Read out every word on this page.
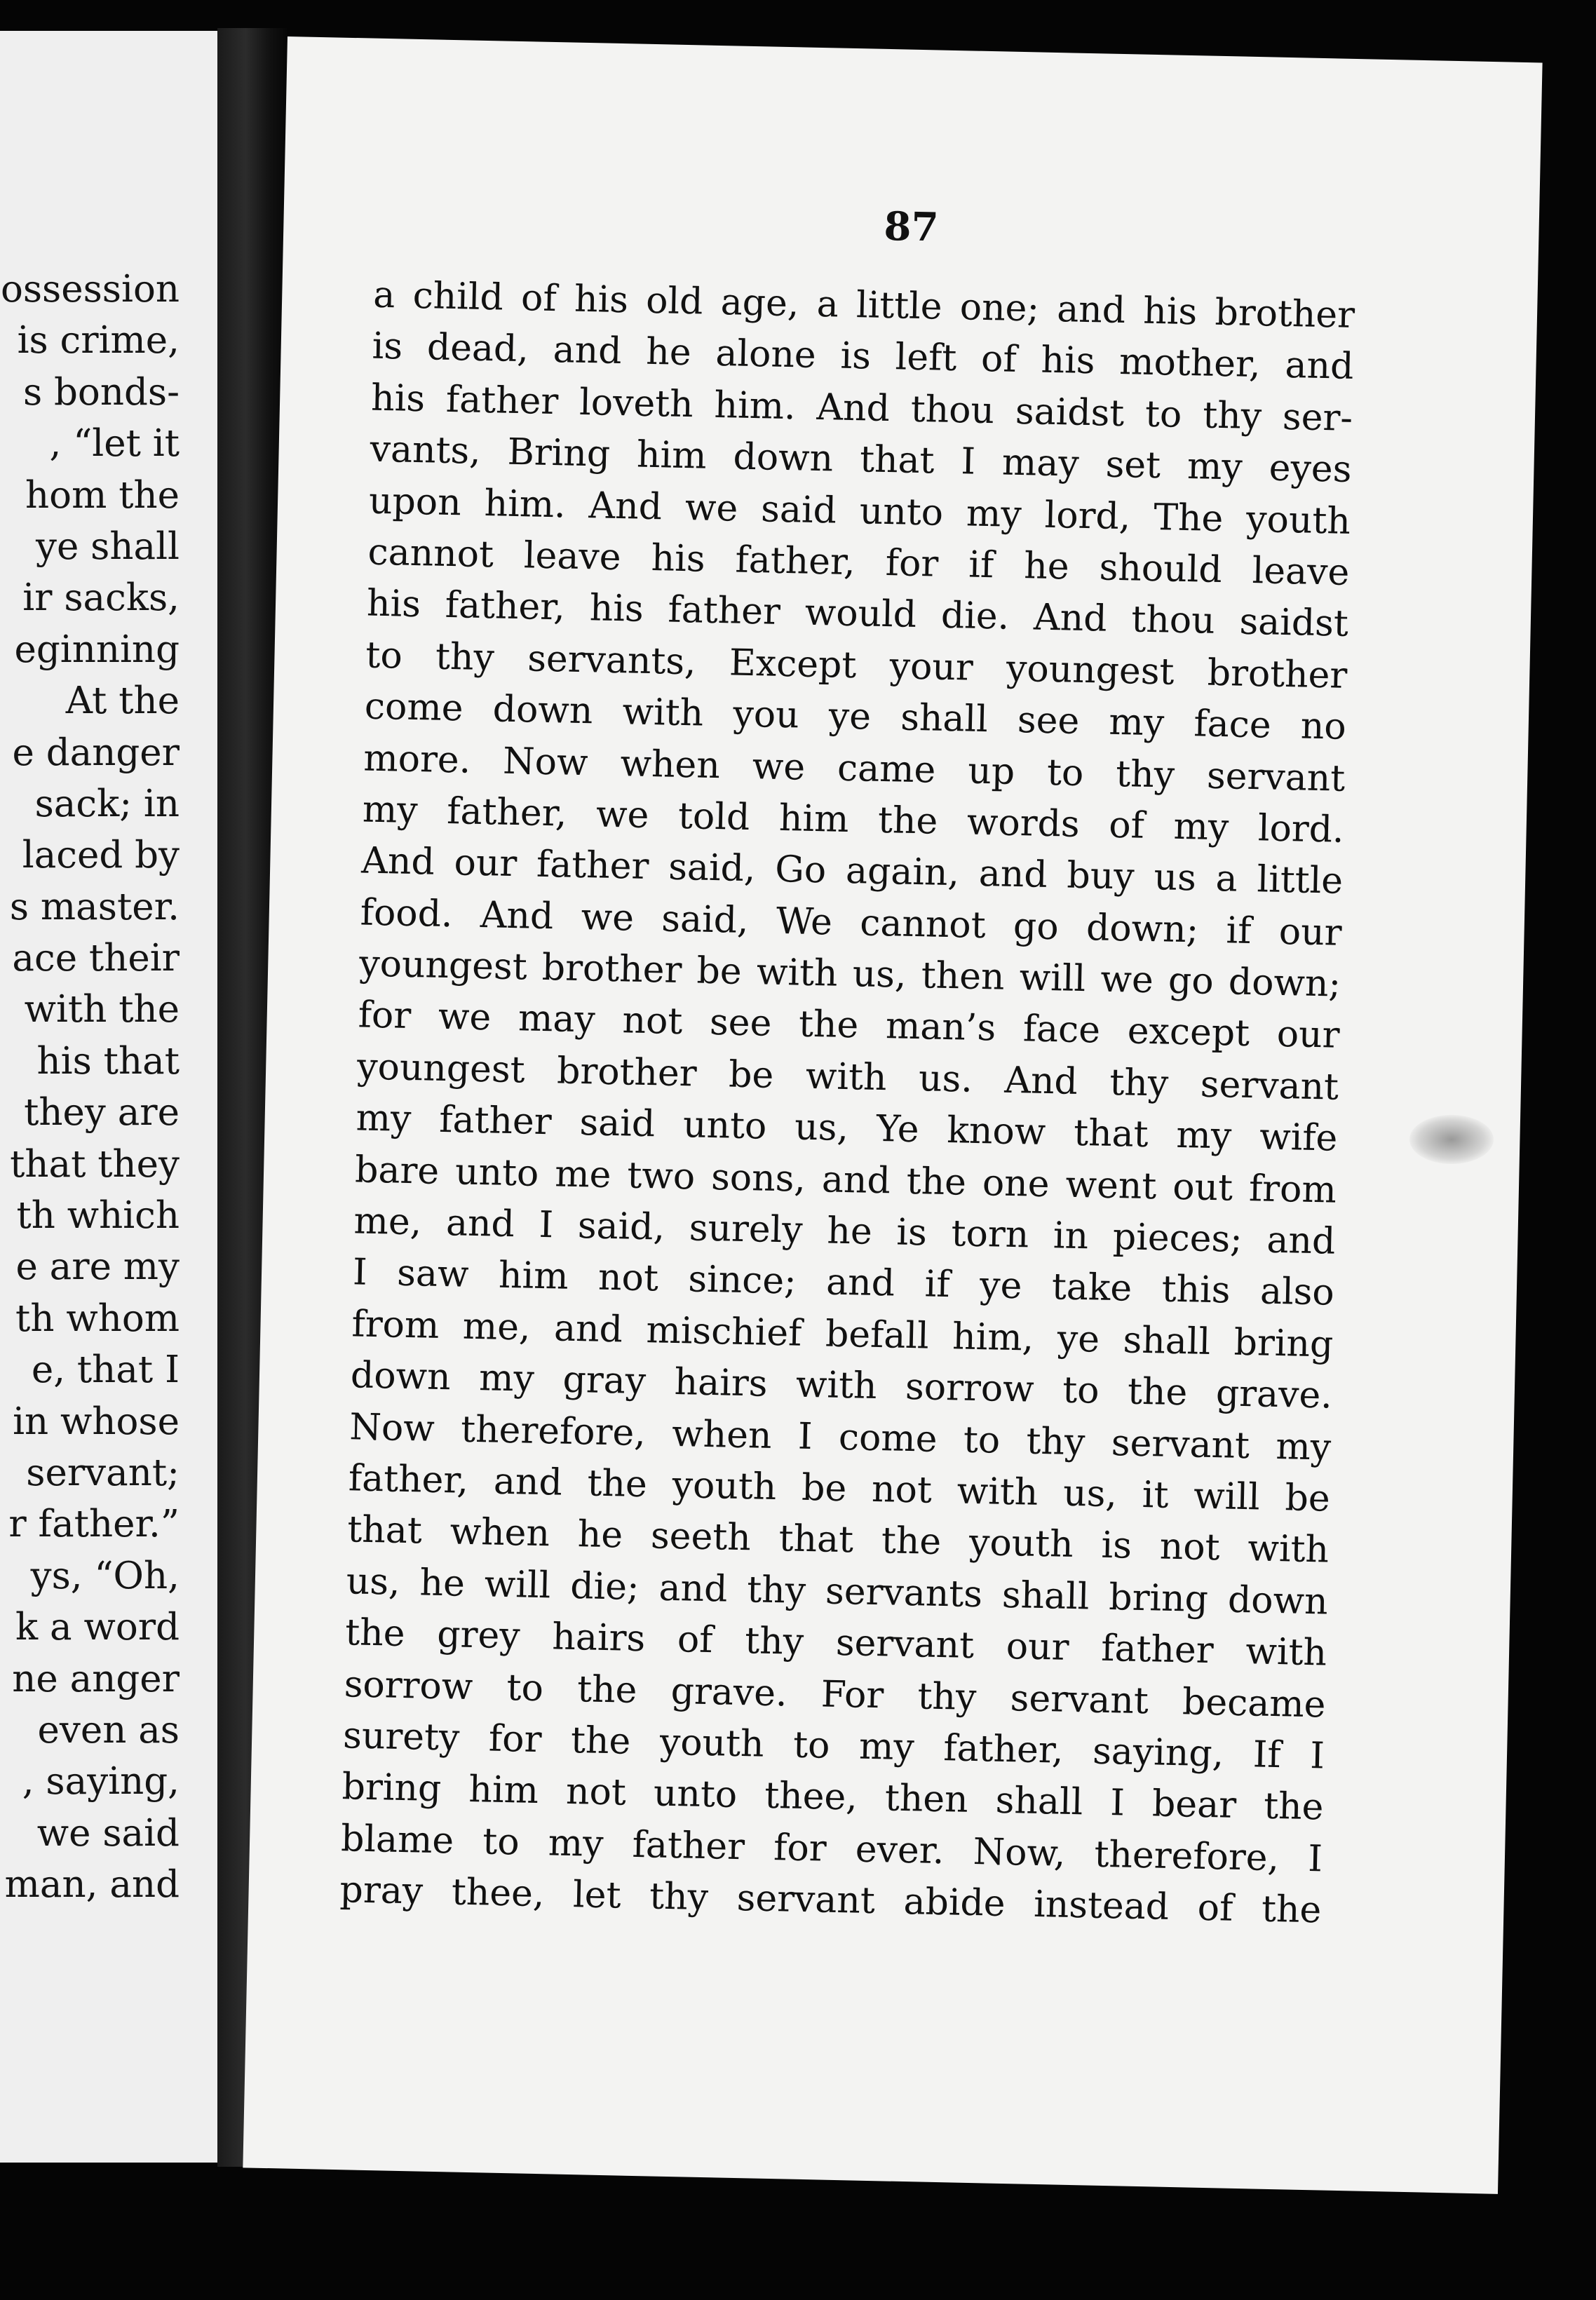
ossession
is crime,
s bonds-
, “let it
hom the
ye shall
ir sacks,
eginning
At the
e danger
sack; in
laced by
s master.
ace their
with the
his that
they are
that they
th which
e are my
th whom
e, that I
in whose
servant;
r father.”
ys, “Oh,
k a word
ne anger
even as
, saying,
we said
man, and
87
a child of his old age, a little one; and his brother
is dead, and he alone is left of his mother, and
his father loveth him. And thou saidst to thy ser-
vants, Bring him down that I may set my eyes
upon him. And we said unto my lord, The youth
cannot leave his father, for if he should leave
his father, his father would die. And thou saidst
to thy servants, Except your youngest brother
come down with you ye shall see my face no
more. Now when we came up to thy servant
my father, we told him the words of my lord.
And our father said, Go again, and buy us a little
food. And we said, We cannot go down; if our
youngest brother be with us, then will we go down;
for we may not see the man’s face except our
youngest brother be with us. And thy servant
my father said unto us, Ye know that my wife
bare unto me two sons, and the one went out from
me, and I said, surely he is torn in pieces; and
I saw him not since; and if ye take this also
from me, and mischief befall him, ye shall bring
down my gray hairs with sorrow to the grave.
Now therefore, when I come to thy servant my
father, and the youth be not with us, it will be
that when he seeth that the youth is not with
us, he will die; and thy servants shall bring down
the grey hairs of thy servant our father with
sorrow to the grave. For thy servant became
surety for the youth to my father, saying, If I
bring him not unto thee, then shall I bear the
blame to my father for ever. Now, therefore, I
pray thee, let thy servant abide instead of the
